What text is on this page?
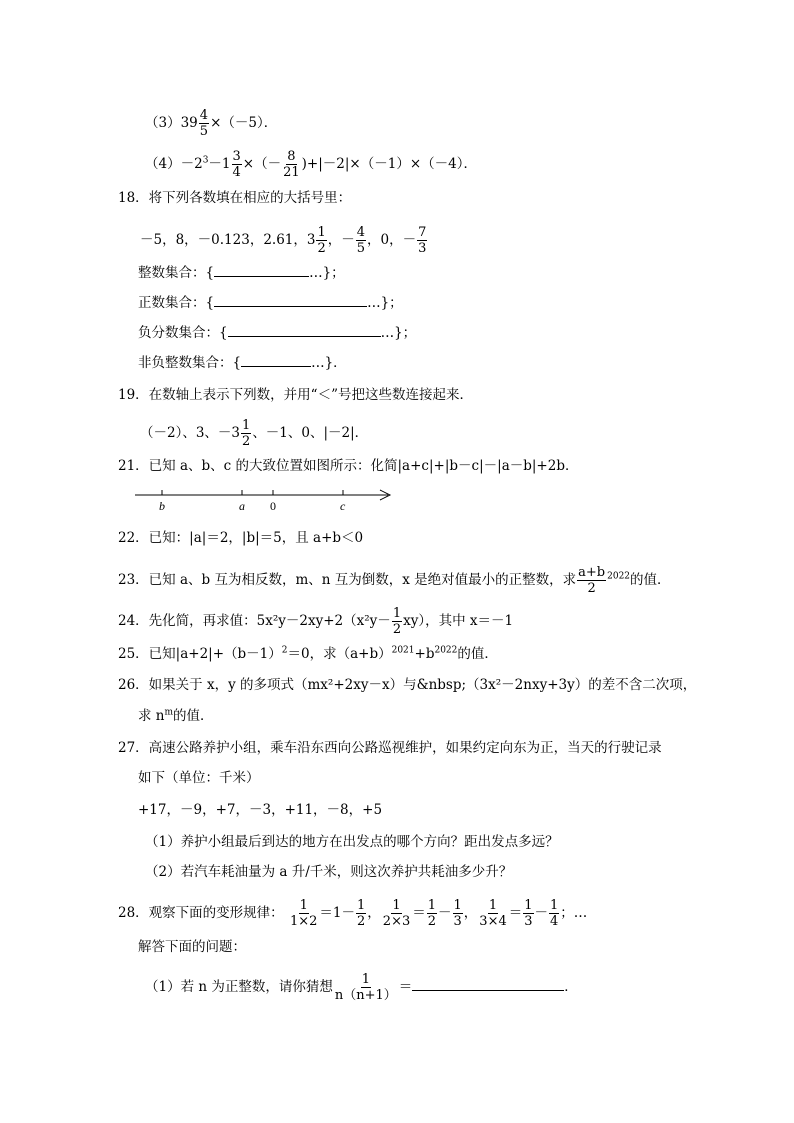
$(3)39 \frac{4}{5} \times(-5)$．
$(4)-2^3-1 \frac{3}{4}$ ×（－ $\frac{8}{21} )+|-2|\times(-1)\times(-4)$．
18．将下列各数填在相应的大括号里：
－5，8，－0.123，2.61，$3 \frac{1}{2}$ ，－ $\frac{4}{5}$ ，0，－ $\frac{7}{3}$
整数集合：{	…}；
正数集合：{	…}；
负分数集合：{	…}；
非负整数集合：{	…}．
19．在数轴上表示下列数，并用“＜”号把这些数连接起来．
（－2）、3、$-3 \frac{1}{2}$ 、－1、0、|－2|．
21．已知 a、b、c 的大致位置如图所示：化简|a+c|+|b－c|－|a－b|+2b．
b	a 0	c
22．已知：|a|＝2，|b|＝5，且 a+b＜0
23．已知 a、b 互为相反数，m、n 互为倒数，x 是绝对值最小的正整数，求 $\frac{a+b}{2} ^{2022}$的值．
24．先化简，再求值：$5x^2y-2xy+2(x^2y- \frac{1}{2} xy)$，其中 x＝－1
25．已知$|a+2|+(b-1)^2=0$，求$(a+b)^{2021}+b^{2022}$的值．
26．如果关于 x，y 的多项式（mx²+2xy－x）与&nbsp;（3x²－2nxy+3y）的差不含二次项，
求 $n^m$的值．
27．高速公路养护小组，乘车沿东西向公路巡视维护，如果约定向东为正，当天的行驶记录
如下（单位：千米）
+17，－9，+7，－3，+11，－8，+5
（1）养护小组最后到达的地方在出发点的哪个方向？距出发点多远？
（2）若汽车耗油量为 a 升/千米，则这次养护共耗油多少升？
28．观察下面的变形规律： $\frac{1}{1\times 2} =1- \frac{1}{2}$ ， $\frac{1}{2\times 3} = \frac{1}{2} - \frac{1}{3}$ ， $\frac{1}{3\times 4} = \frac{1}{3} - \frac{1}{4}$ ；…
解答下面的问题：
（1）若 n 为正整数，请你猜想 $\frac{1}{n(n+1)}$ ＝	．
